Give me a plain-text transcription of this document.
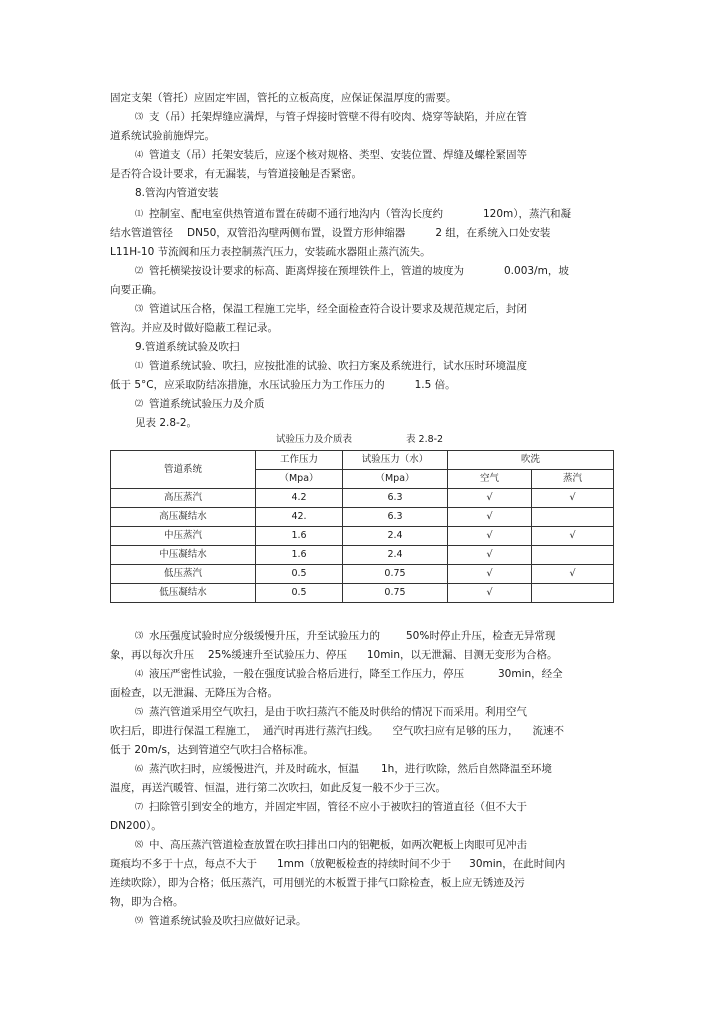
固定支架（管托）应固定牢固，管托的立板高度，应保证保温厚度的需要。
⑶ 支（吊）托架焊缝应满焊，与管子焊接时管壁不得有咬肉、烧穿等缺陷，并应在管
道系统试验前施焊完。
⑷ 管道支（吊）托架安装后，应逐个核对规格、类型、安装位置、焊缝及螺栓紧固等
是否符合设计要求，有无漏装，与管道接触是否紧密。
8.管沟内管道安装
⑴ 控制室、配电室供热管道布置在砖砌不通行地沟内（管沟长度约	120m），蒸汽和凝
结水管道管径 DN50，双管沿沟壁两侧布置，设置方形伸缩器	2 组，在系统入口处安装
L11H-10 节流阀和压力表控制蒸汽压力，安装疏水器阻止蒸汽流失。
⑵ 管托横梁按设计要求的标高、距离焊接在预埋铁件上，管道的坡度为	0.003/m，坡
向要正确。
⑶ 管道试压合格，保温工程施工完毕，经全面检查符合设计要求及规范规定后，封闭
管沟。并应及时做好隐蔽工程记录。
9.管道系统试验及吹扫
⑴ 管道系统试验、吹扫，应按批准的试验、吹扫方案及系统进行，试水压时环境温度
低于 5°C，应采取防结冻措施，水压试验压力为工作压力的	1.5 倍。
⑵ 管道系统试验压力及介质
见表 2.8-2。
试验压力及介质表	表 2.8-2
管道系统	工作压力	试验压力（水）	吹洗	
	（Mpa）	（Mpa）	空气	蒸汽
高压蒸汽	4.2	6.3	√	√
高压凝结水	42.	6.3	√	
中压蒸汽	1.6	2.4	√	√
中压凝结水	1.6	2.4	√	
低压蒸汽	0.5	0.75	√	√
低压凝结水	0.5	0.75	√	
⑶ 水压强度试验时应分级缓慢升压，升至试验压力的 50%时停止升压，检查无异常现
象，再以每次升压 25%缓速升至试验压力、停压 10min，以无泄漏、目测无变形为合格。
⑷ 液压严密性试验，一般在强度试验合格后进行，降至工作压力，停压	30min，经全
面检查，以无泄漏、无降压为合格。
⑸ 蒸汽管道采用空气吹扫，是由于吹扫蒸汽不能及时供给的情况下而采用。利用空气
吹扫后，即进行保温工程施工， 通汽时再进行蒸汽扫线。 空气吹扫应有足够的压力， 流速不
低于 20m/s，达到管道空气吹扫合格标准。
⑹ 蒸汽吹扫时，应缓慢进汽，并及时疏水，恒温 1h，进行吹除，然后自然降温至环境
温度，再送汽暖管、恒温，进行第二次吹扫，如此反复一般不少于三次。
⑺ 扫除管引到安全的地方，并固定牢固，管径不应小于被吹扫的管道直径（但不大于
DN200）。
⑻ 中、高压蒸汽管道检查放置在吹扫排出口内的铝靶板，如两次靶板上肉眼可见冲击
斑痕均不多于十点，每点不大于 1mm（放靶板检查的持续时间不少于 30min，在此时间内
连续吹除），即为合格；低压蒸汽，可用刨光的木板置于排气口除检查，板上应无锈迹及污
物，即为合格。
⑼ 管道系统试验及吹扫应做好记录。
